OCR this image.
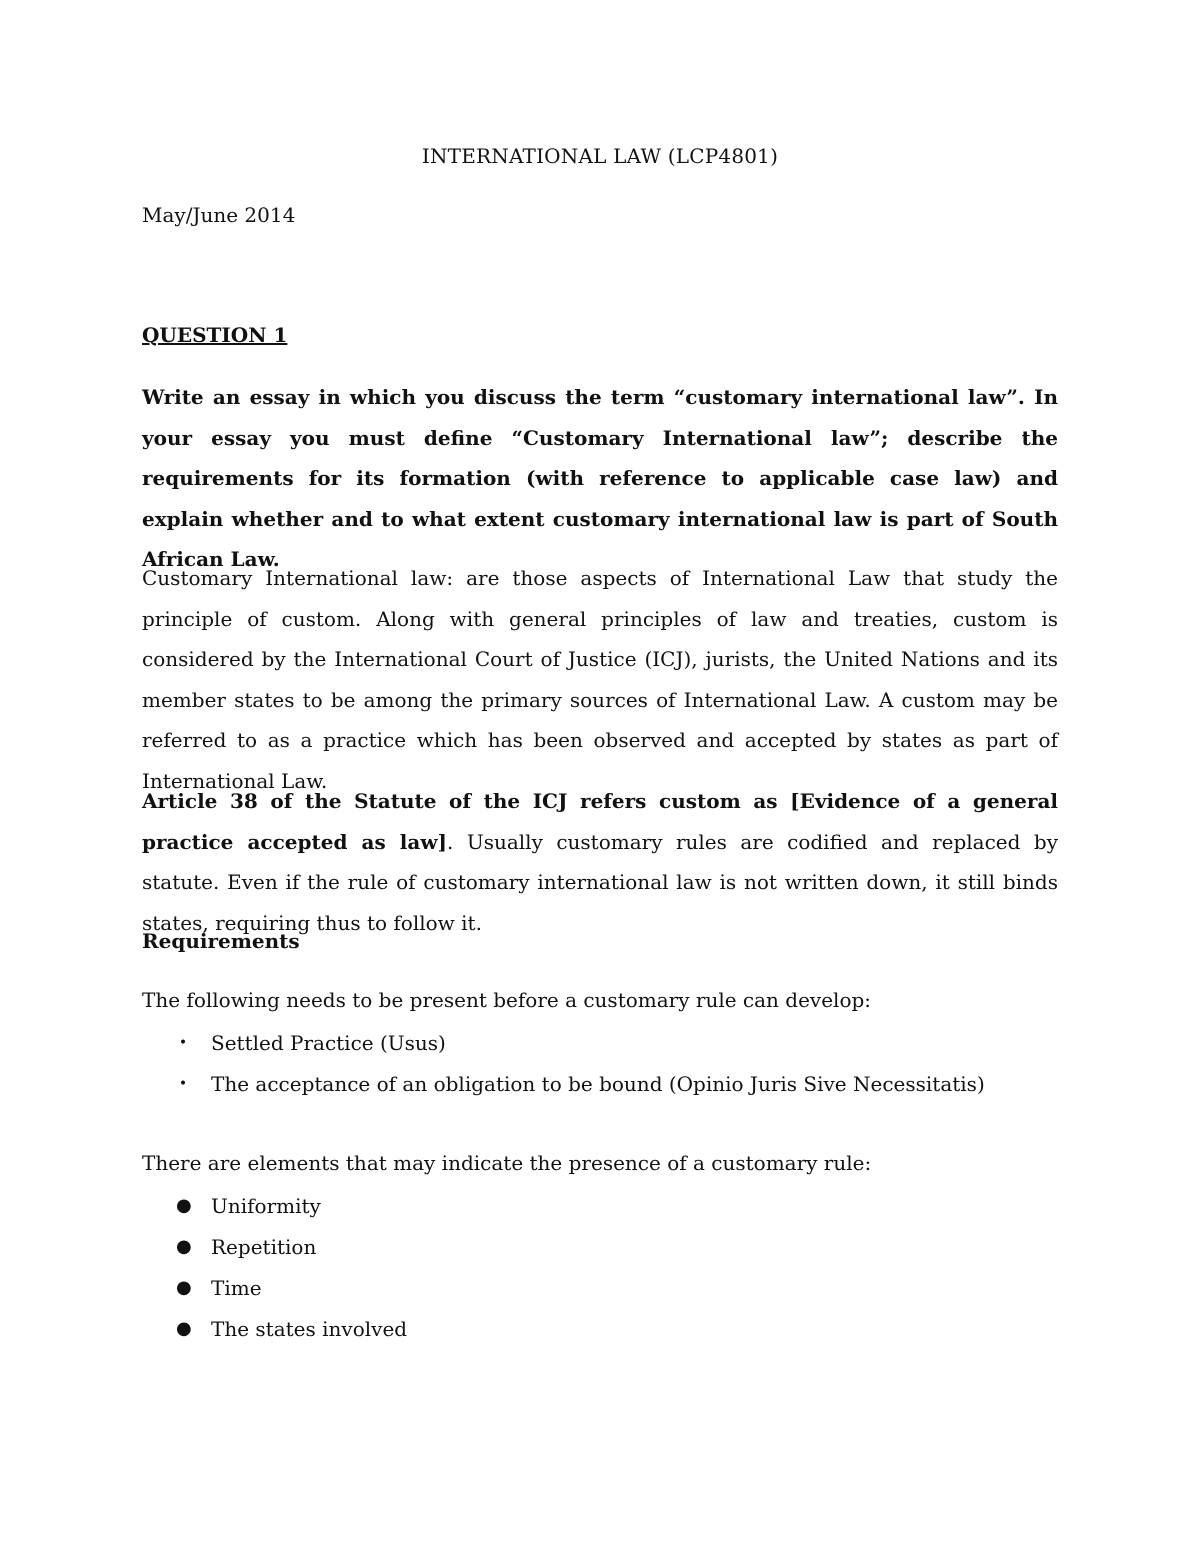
INTERNATIONAL LAW (LCP4801)
May/June 2014
QUESTION 1
Write an essay in which you discuss the term “customary international law”. In your essay you must define “Customary International law”; describe the requirements for its formation (with reference to applicable case law) and explain whether and to what extent customary international law is part of South African Law.
Customary International law: are those aspects of International Law that study the principle of custom. Along with general principles of law and treaties, custom is considered by the International Court of Justice (ICJ), jurists, the United Nations and its member states to be among the primary sources of International Law. A custom may be referred to as a practice which has been observed and accepted by states as part of International Law.
Article 38 of the Statute of the ICJ refers custom as [Evidence of a general practice accepted as law]. Usually customary rules are codified and replaced by statute. Even if the rule of customary international law is not written down, it still binds states, requiring thus to follow it.
Requirements
The following needs to be present before a customary rule can develop:
• Settled Practice (Usus)
• The acceptance of an obligation to be bound (Opinio Juris Sive Necessitatis)
There are elements that may indicate the presence of a customary rule:
● Uniformity
● Repetition
● Time
● The states involved
